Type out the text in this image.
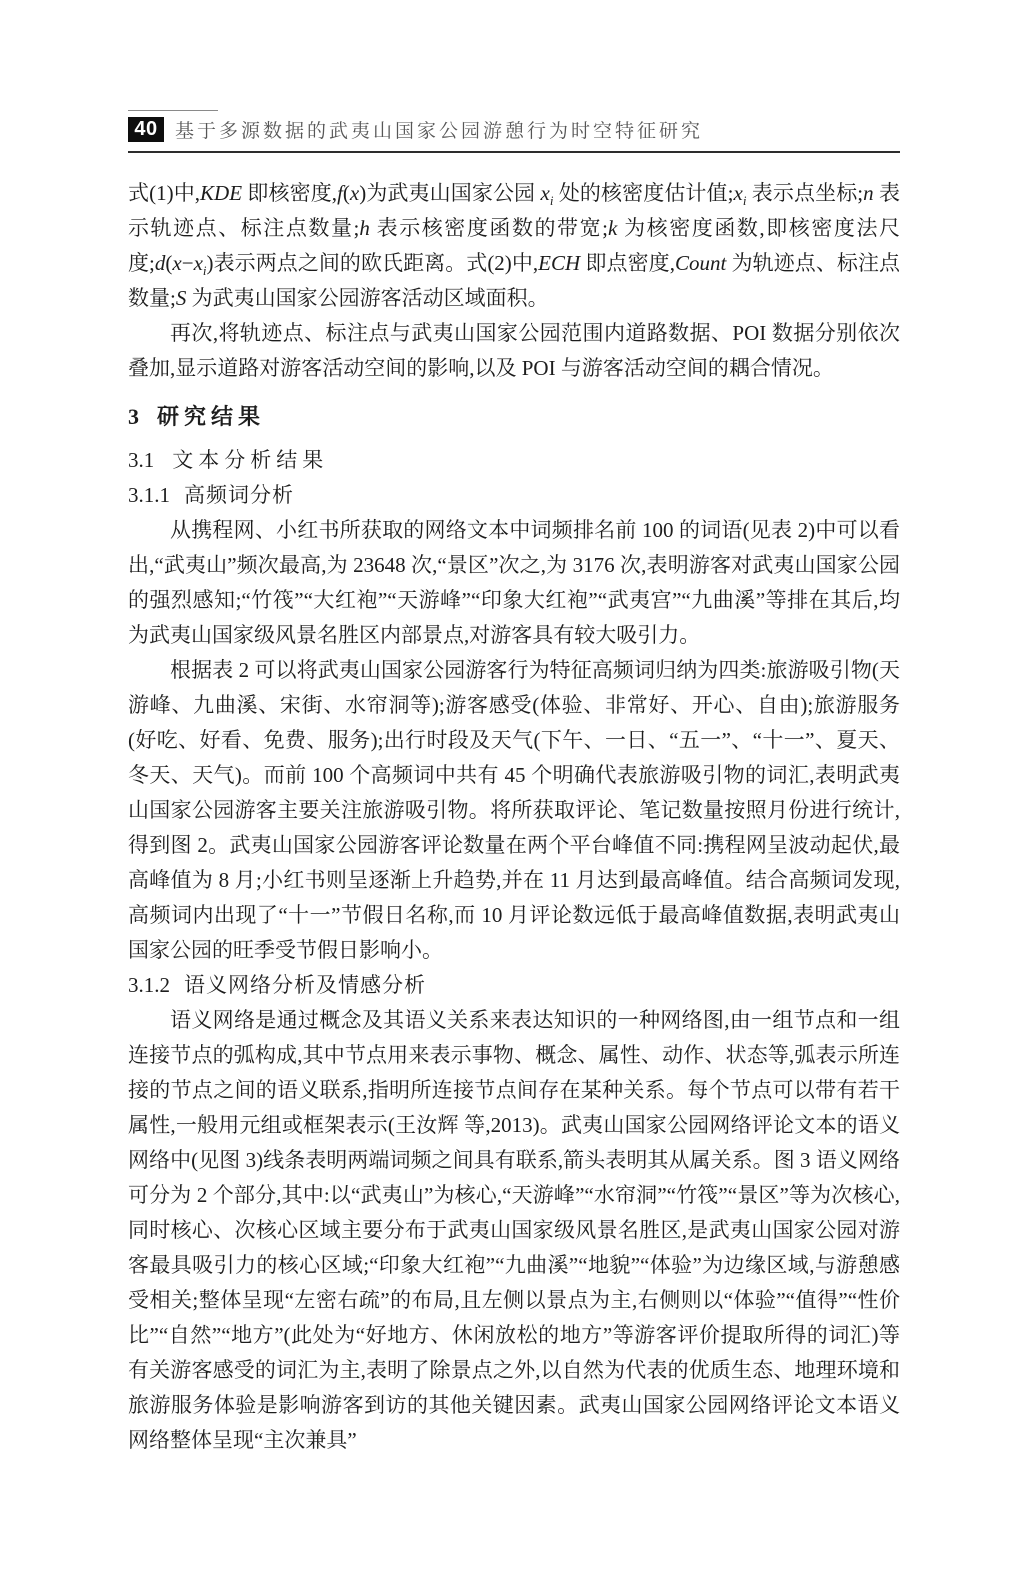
40 基于多源数据的武夷山国家公园游憩行为时空特征研究

式(1)中,KDE 即核密度,f(x)为武夷山国家公园 $x_i$ 处的核密度估计值$;x_i$ 表示点坐标;n 表示轨迹点、标注点数量;h 表示核密度函数的带宽;k 为核密度函数,即核密度法尺度$;d(x-x_i)$表示两点之间的欧氏距离。式(2)中,ECH 即点密度,Count 为轨迹点、标注点数量;S 为武夷山国家公园游客活动区域面积。

再次,将轨迹点、标注点与武夷山国家公园范围内道路数据、POI 数据分别依次叠加,显示道路对游客活动空间的影响,以及 POI 与游客活动空间的耦合情况。

3 研究结果
3.1 文本分析结果
3.1.1 高频词分析

从携程网、小红书所获取的网络文本中词频排名前 100 的词语(见表 2)中可以看出,“武夷山”频次最高,为 23648 次,“景区”次之,为 3176 次,表明游客对武夷山国家公园的强烈感知;“竹筏”“大红袍”“天游峰”“印象大红袍”“武夷宫”“九曲溪”等排在其后,均为武夷山国家级风景名胜区内部景点,对游客具有较大吸引力。

根据表 2 可以将武夷山国家公园游客行为特征高频词归纳为四类:旅游吸引物(天游峰、九曲溪、宋街、水帘洞等);游客感受(体验、非常好、开心、自由);旅游服务(好吃、好看、免费、服务);出行时段及天气(下午、一日、“五一”、“十一”、夏天、冬天、天气)。而前 100 个高频词中共有 45 个明确代表旅游吸引物的词汇,表明武夷山国家公园游客主要关注旅游吸引物。将所获取评论、笔记数量按照月份进行统计,得到图 2。武夷山国家公园游客评论数量在两个平台峰值不同:携程网呈波动起伏,最高峰值为 8 月;小红书则呈逐渐上升趋势,并在 11 月达到最高峰值。结合高频词发现,高频词内出现了“十一”节假日名称,而 10 月评论数远低于最高峰值数据,表明武夷山国家公园的旺季受节假日影响小。

3.1.2 语义网络分析及情感分析

语义网络是通过概念及其语义关系来表达知识的一种网络图,由一组节点和一组连接节点的弧构成,其中节点用来表示事物、概念、属性、动作、状态等,弧表示所连接的节点之间的语义联系,指明所连接节点间存在某种关系。每个节点可以带有若干属性,一般用元组或框架表示(王汝辉 等,2013)。武夷山国家公园网络评论文本的语义网络中(见图 3)线条表明两端词频之间具有联系,箭头表明其从属关系。图 3 语义网络可分为 2 个部分,其中:以“武夷山”为核心,“天游峰”“水帘洞”“竹筏”“景区”等为次核心,同时核心、次核心区域主要分布于武夷山国家级风景名胜区,是武夷山国家公园对游客最具吸引力的核心区域;“印象大红袍”“九曲溪”“地貌”“体验”为边缘区域,与游憩感受相关;整体呈现“左密右疏”的布局,且左侧以景点为主,右侧则以“体验”“值得”“性价比”“自然”“地方”(此处为“好地方、休闲放松的地方”等游客评价提取所得的词汇)等有关游客感受的词汇为主,表明了除景点之外,以自然为代表的优质生态、地理环境和旅游服务体验是影响游客到访的其他关键因素。武夷山国家公园网络评论文本语义网络整体呈现“主次兼具”
